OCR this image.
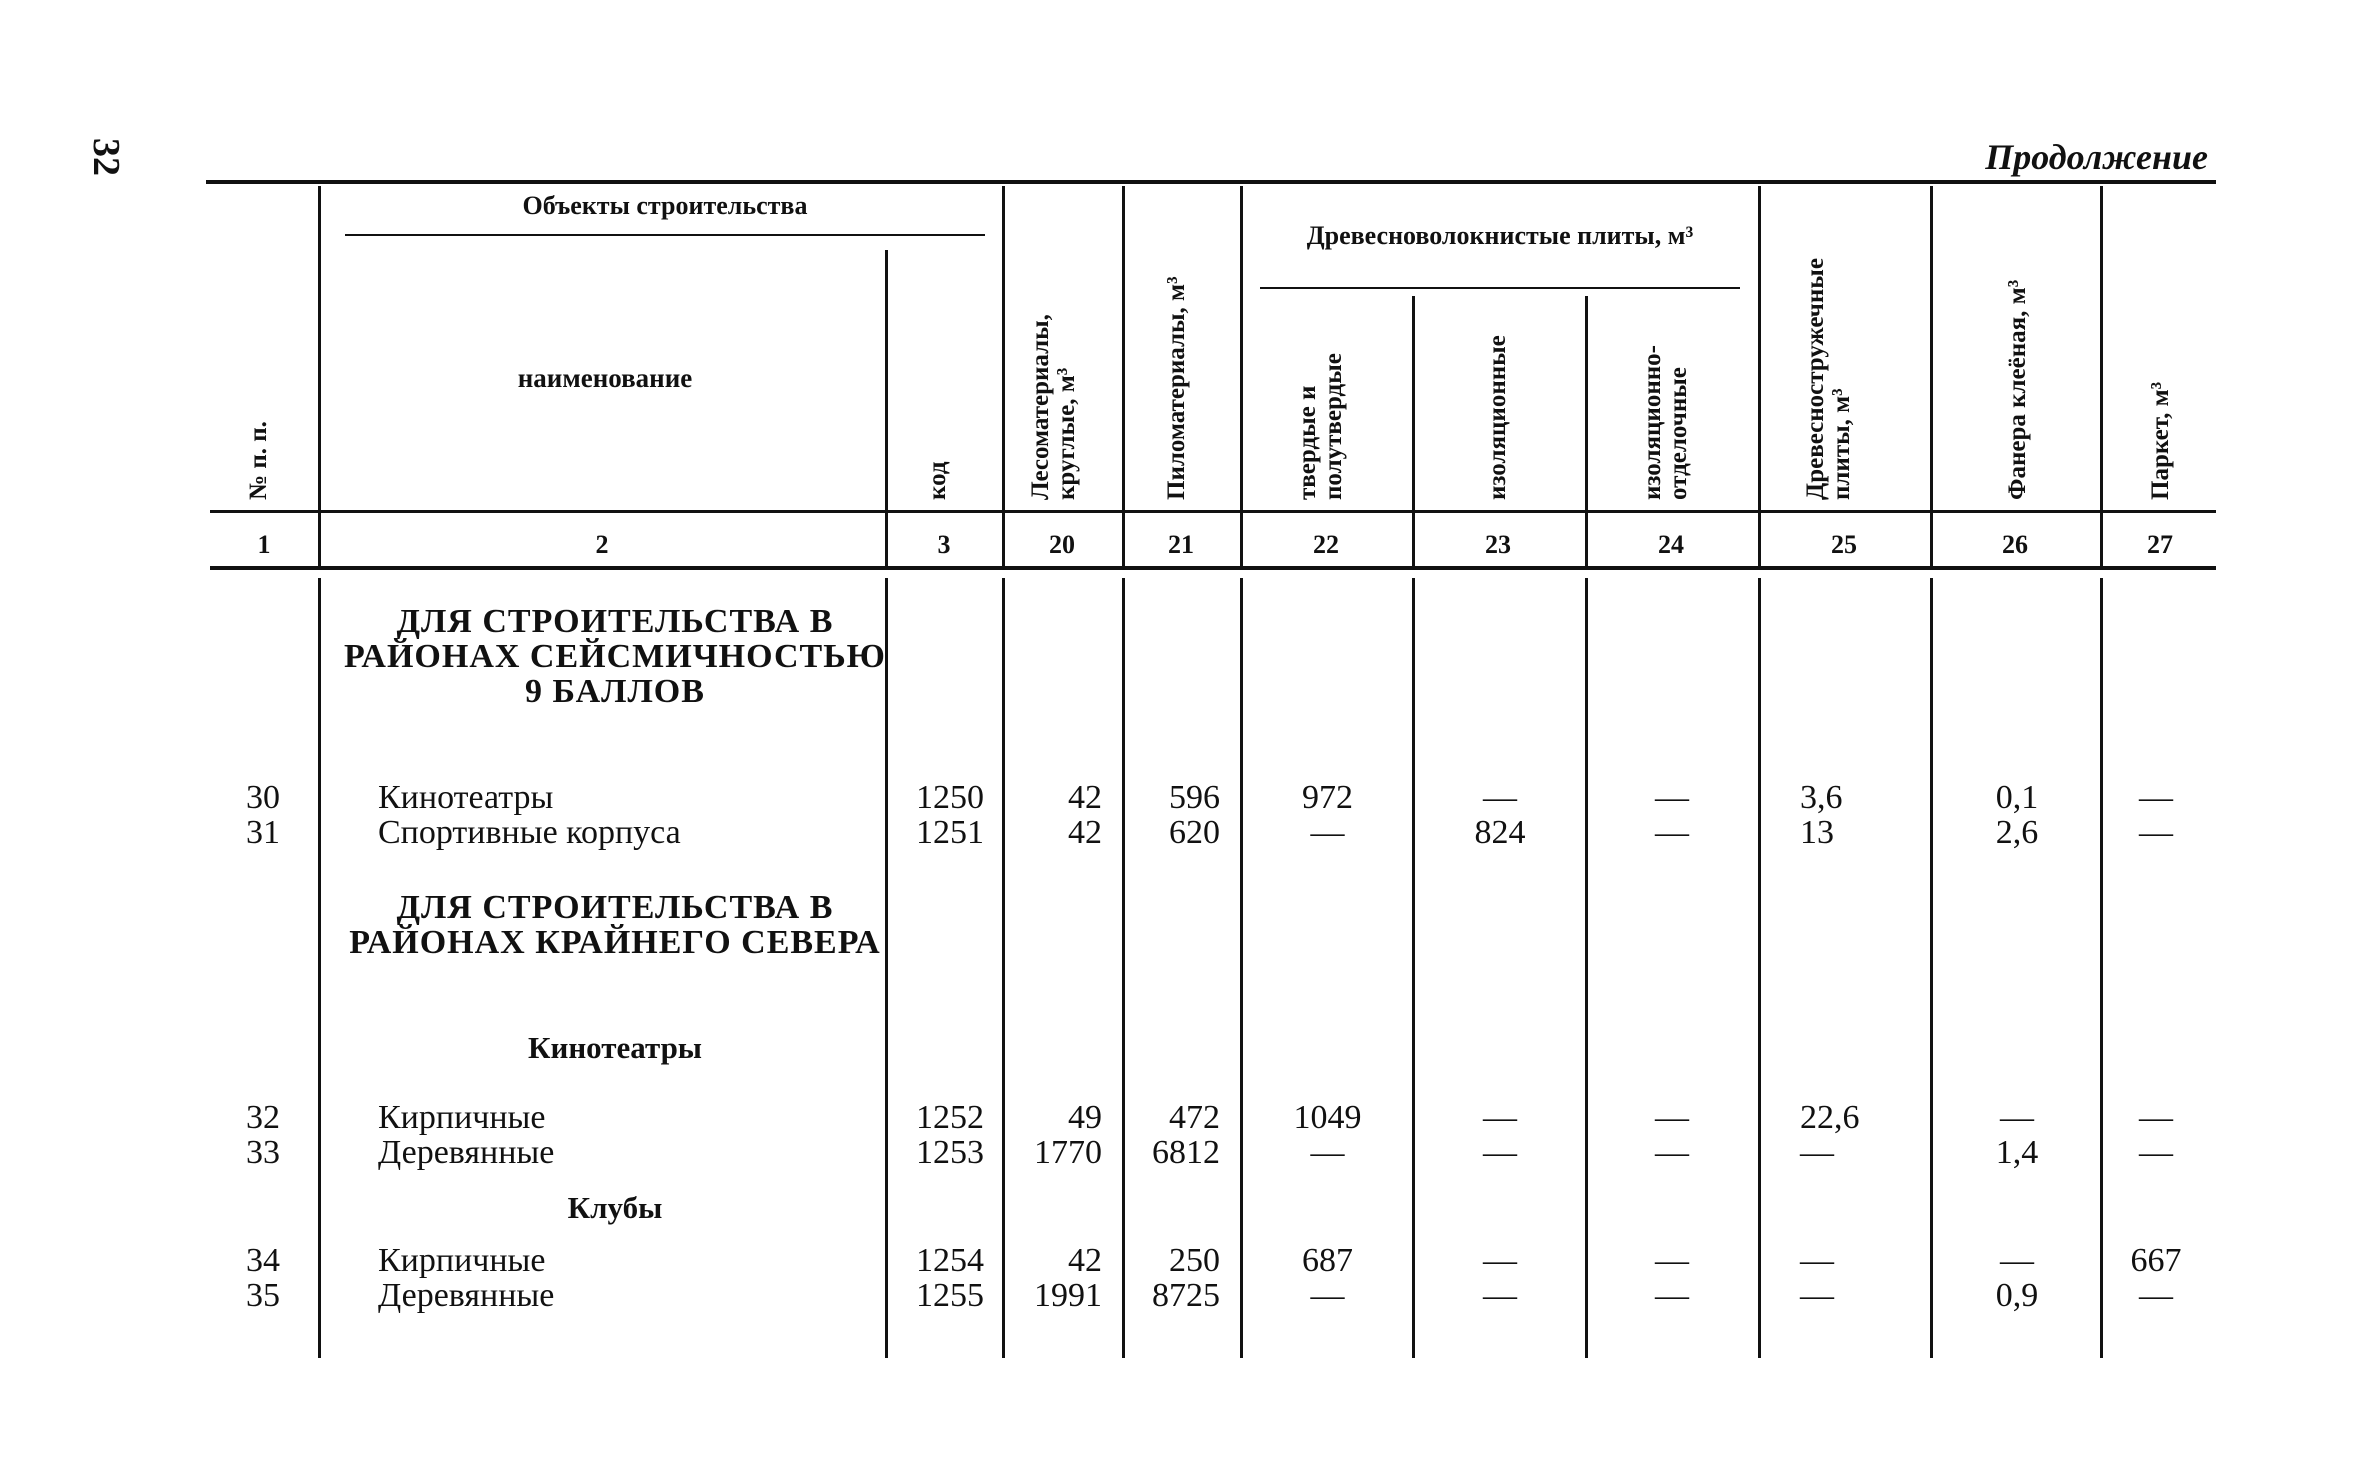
32	Продолжение
Объекты строительства
Древесноволокнистые плиты, м³
№ п. п.
наименование
код	Лесоматериалы, круглые, м³	Пиломатериалы, м³	твердые и полутвердые	изоляционные	изоляционно-отделочные	Древесностружечные плиты, м³	Фанера клеёная, м³	Паркет, м³
1	2	3	20	21	22	23	24	25	26	27
ДЛЯ СТРОИТЕЛЬСТВА В РАЙОНАХ СЕЙСМИЧНОСТЬЮ 9 БАЛЛОВ
ДЛЯ СТРОИТЕЛЬСТВА В РАЙОНАХ КРАЙНЕГО СЕВЕРА
Кинотеатры
Клубы
30	Кинотеатры	1250	42	596	972	—	—	3,6	0,1	—
31	Спортивные корпуса	1251	42	620	—	824	—	13	2,6	—
32	Кирпичные	1252	49	472	1049	—	—	22,6	—	—
33	Деревянные	1253	1770	6812	—	—	—	—	1,4	—
34	Кирпичные	1254	42	250	687	—	—	—	—	667
35	Деревянные	1255	1991	8725	—	—	—	—	0,9	—
